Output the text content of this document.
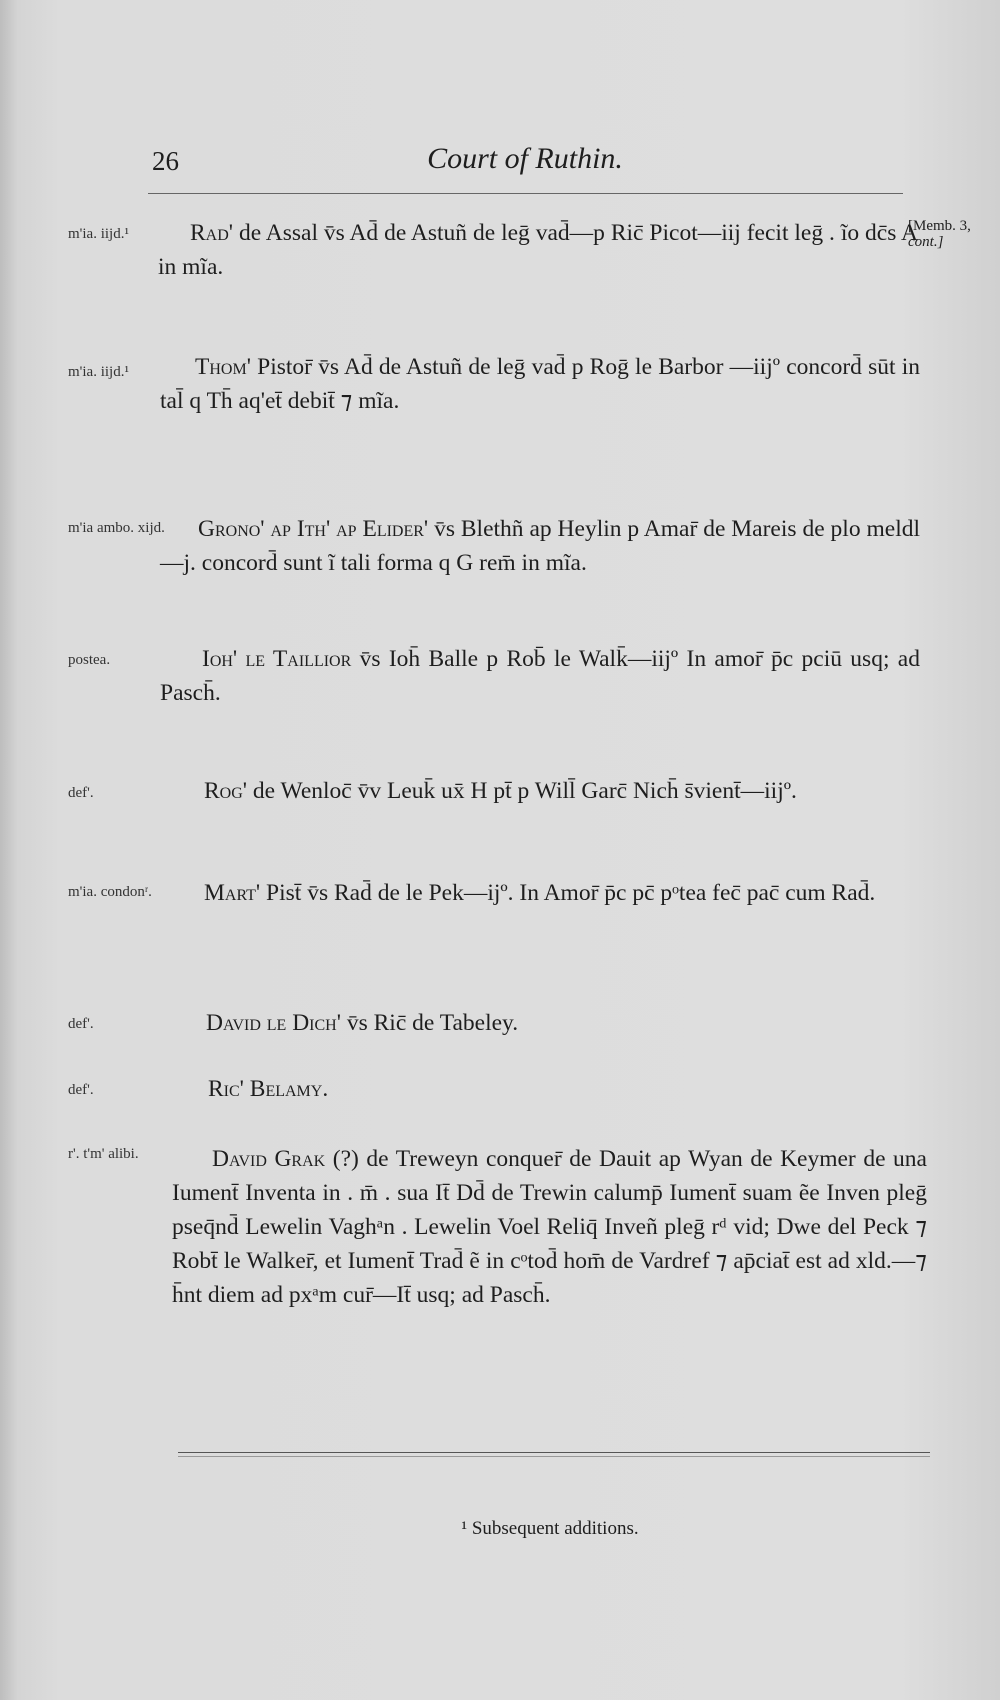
26	Court of Ruthin.
[Memb. 3,
cont.]
m'ia. iijd.¹	Rad' de Assal v̄s Ad̄ de Astuñ de leḡ vad̄—p Ric̄ Picot—iij fecit leḡ . ĩo dc̄s A in mĩa.
m'ia. iijd.¹	Thom' Pistor̄ v̄s Ad̄ de Astuñ de leḡ vad̄ p Roḡ le Barbor —iijº concord̄ sūt in tal̄ q Th̄ aq'et̄ debit̄ ⁊ mĩa.
m'ia ambo. xijd.	Grono' ap Ith' ap Elider' v̄s Blethñ ap Heylin p Amar̄ de Mareis de plo meldl—j. concord̄ sunt ĩ tali forma q G rem̄ in mĩa.
postea.	Ioh' le Taillior v̄s Ioh̄ Balle p Rob̄ le Walk̄—iijº In amor̄ p̄c pciū usq; ad Pasch̄.
def'.	Rog' de Wenloc̄ v̄v Leuk̄ ux̄ H pt̄ p Will̄ Garc̄ Nich̄ s̄vient̄—iijº.
m'ia. condonʳ.	Mart' Pist̄ v̄s Rad̄ de le Pek—ijº. In Amor̄ p̄c pc̄ pᵒtea fec̄ pac̄ cum Rad̄.
def'.	David le Dich' v̄s Ric̄ de Tabeley.
def'.	Ric' Belamy.
r'. t'm' alibi.	David Grak (?) de Treweyn conquer̄ de Dauit ap Wyan de Keymer de una Iument̄ Inventa in . m̄ . sua It̄ Dd̄ de Trewin calump̄ Iument̄ suam ẽe Inven pleḡ pseq̄nd̄ Lewelin Vaghᵃn . Lewelin Voel Reliq̄ Inveñ pleḡ rᵈ vid; Dwe del Peck ⁊ Robt̄ le Walker̄, et Iument̄ Trad̄ ẽ in cᵒtod̄ hom̄ de Vardref ⁊ ap̄ciat̄ est ad xld.—⁊ h̄nt diem ad pxᵃm cur̄—It̄ usq; ad Pasch̄.
¹ Subsequent additions.
